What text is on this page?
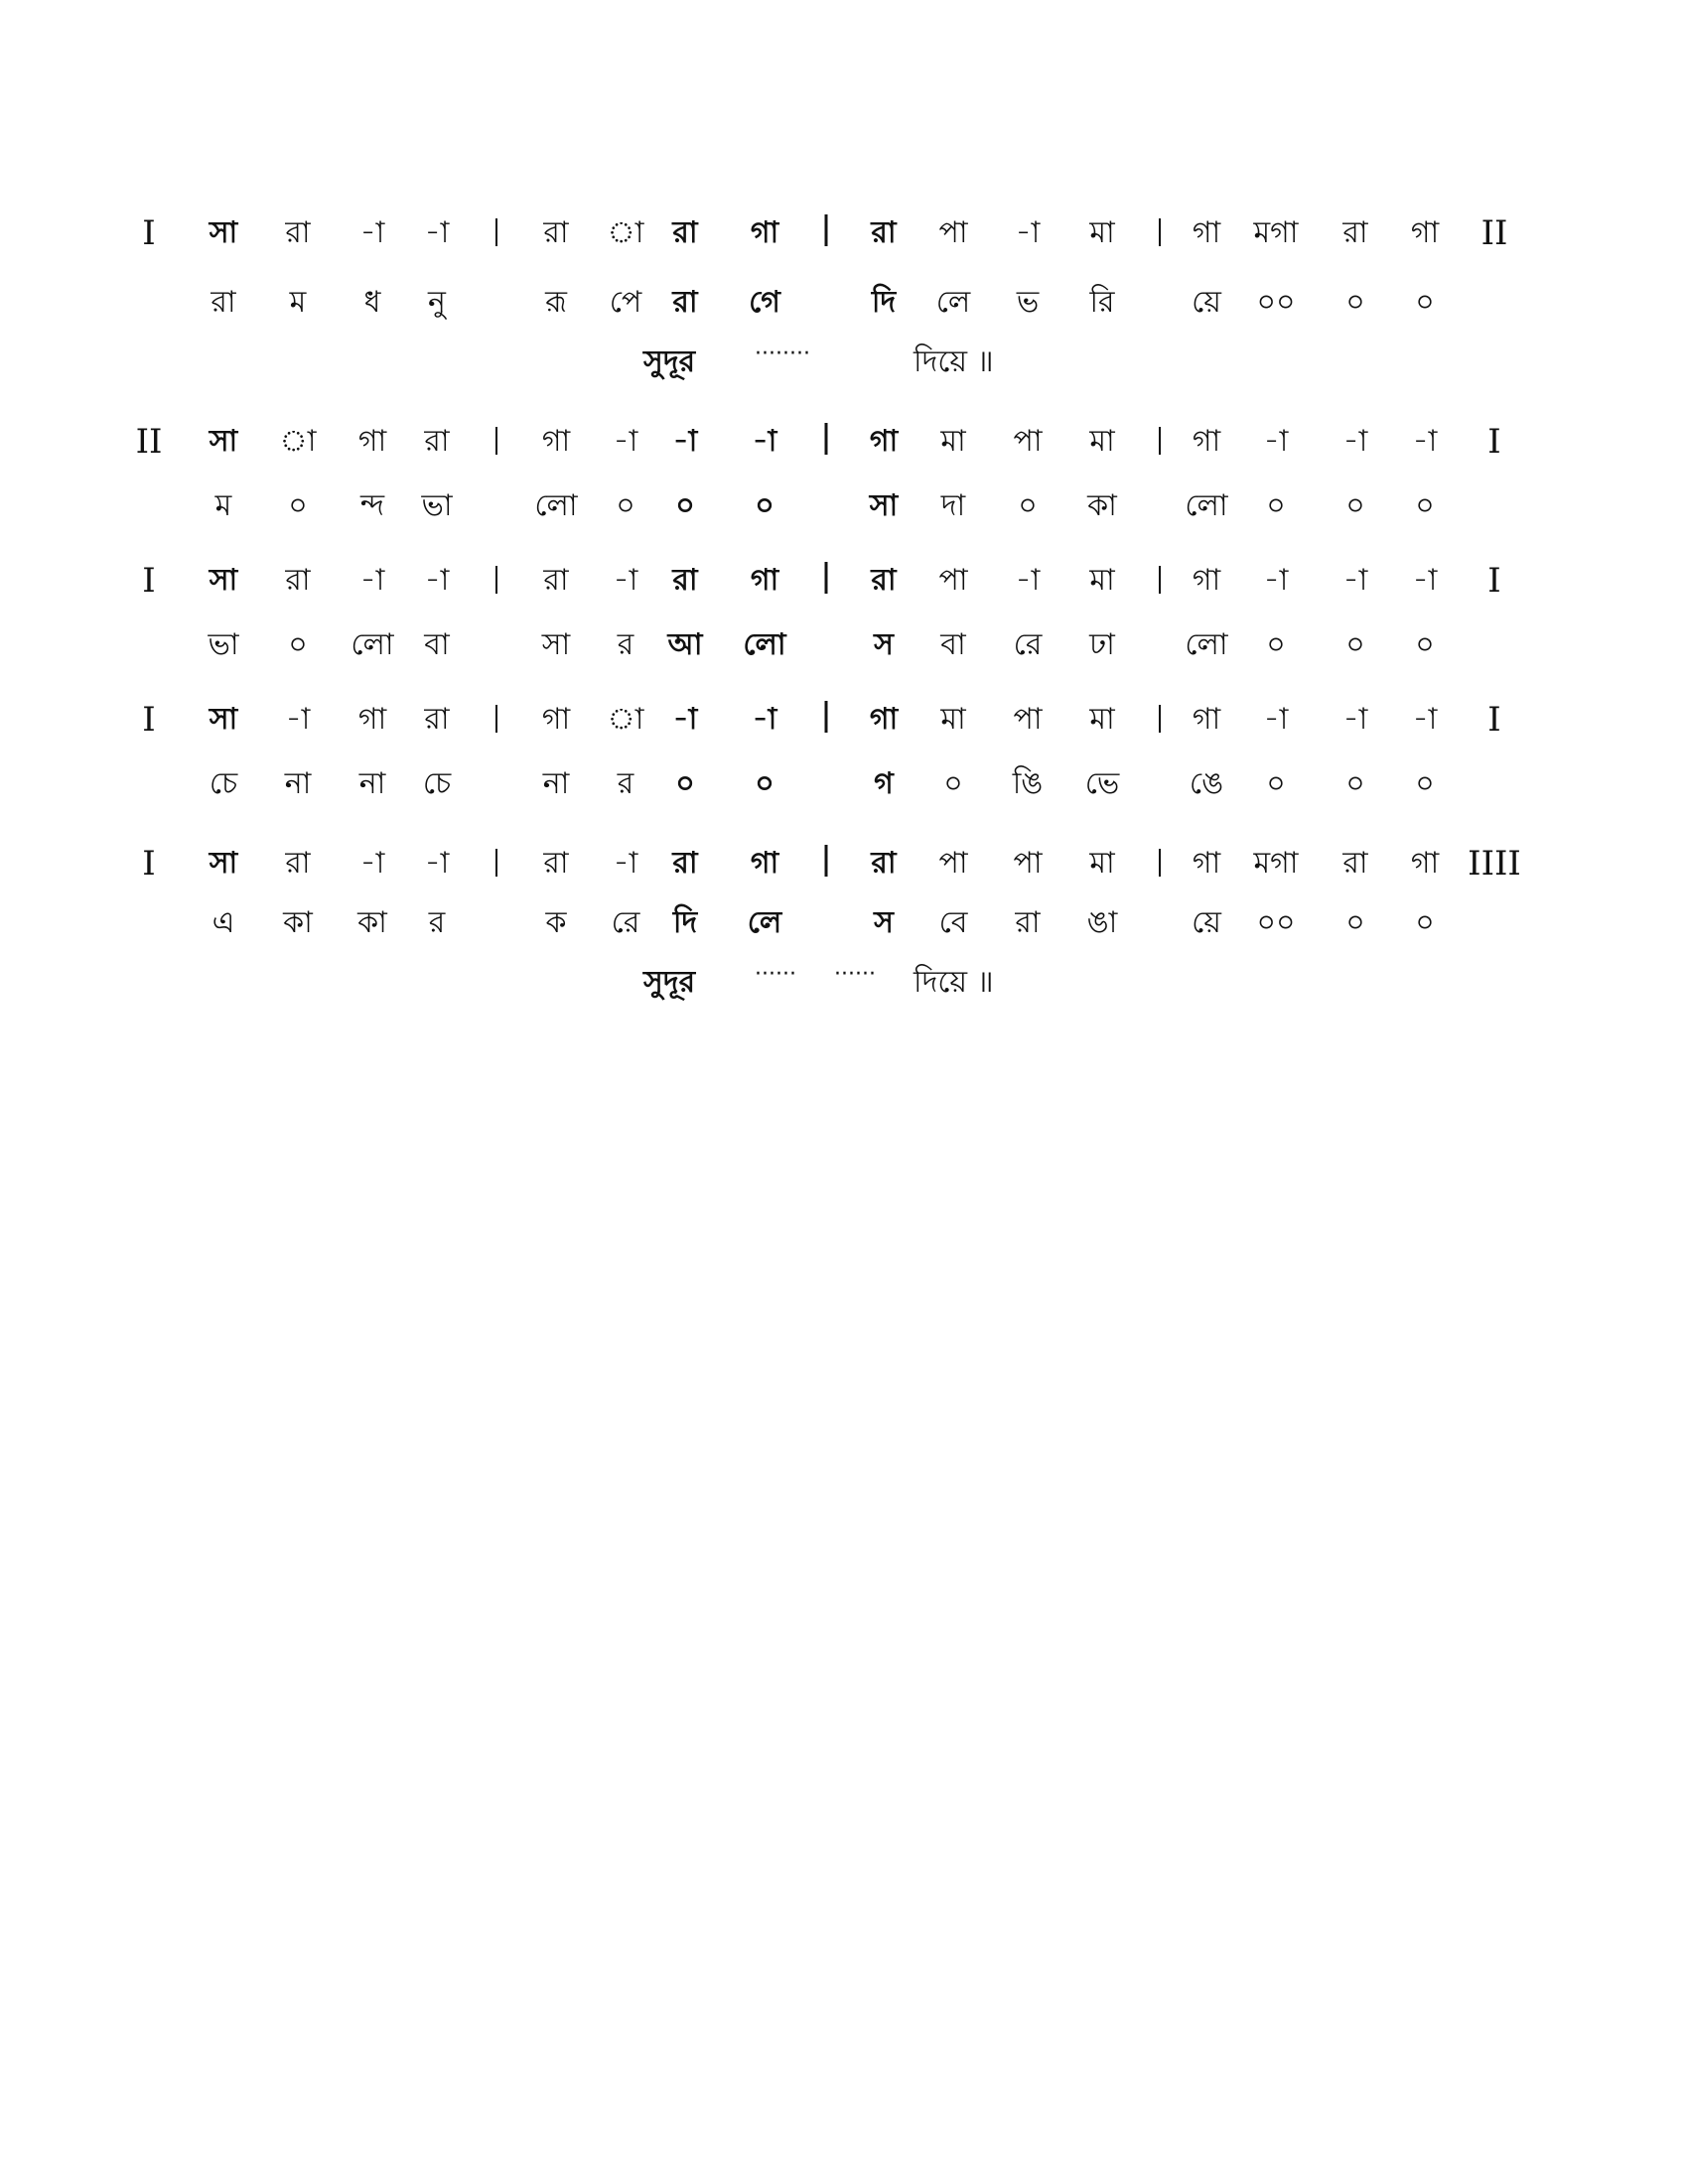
I সা রা -া -া	রা া রা গা	রা পা -া মা	গা মগা রা গা II
রা ম ধ নু	রূ পে রা গে	দি লে ভ রি	য়ে ০০ ০ ০
সুদূর	········	দিয়ে ॥
II সা া গা রা	গা -া -া -া	গা মা পা মা	গা -া -া -া I
ম ০ ন্দ ভা	লো ০ ০ ০	সা দা ০ কা লো ০ ০ ০
I সা রা -া -া	রা -া রা গা	রা পা -া মা	গা -া -া -া I
ভা ০ লো বা	সা র আ লো	স বা রে ঢা লো ০ ০ ০
I সা -া গা রা	গা া -া -া	গা মা পা মা	গা -া -া -া I
চে না না চে	না র ০ ০	গ ০ ঙি ভে ঙে ০ ০ ০
I সা রা -া -া	রা -া রা গা	রা পা পা মা	গা মগা রা গা IIII
এ কা কা র	ক রে দি লে	স বে রা ঙা য়ে ০০ ০ ০
সুদূর	······ ······ দিয়ে ॥
